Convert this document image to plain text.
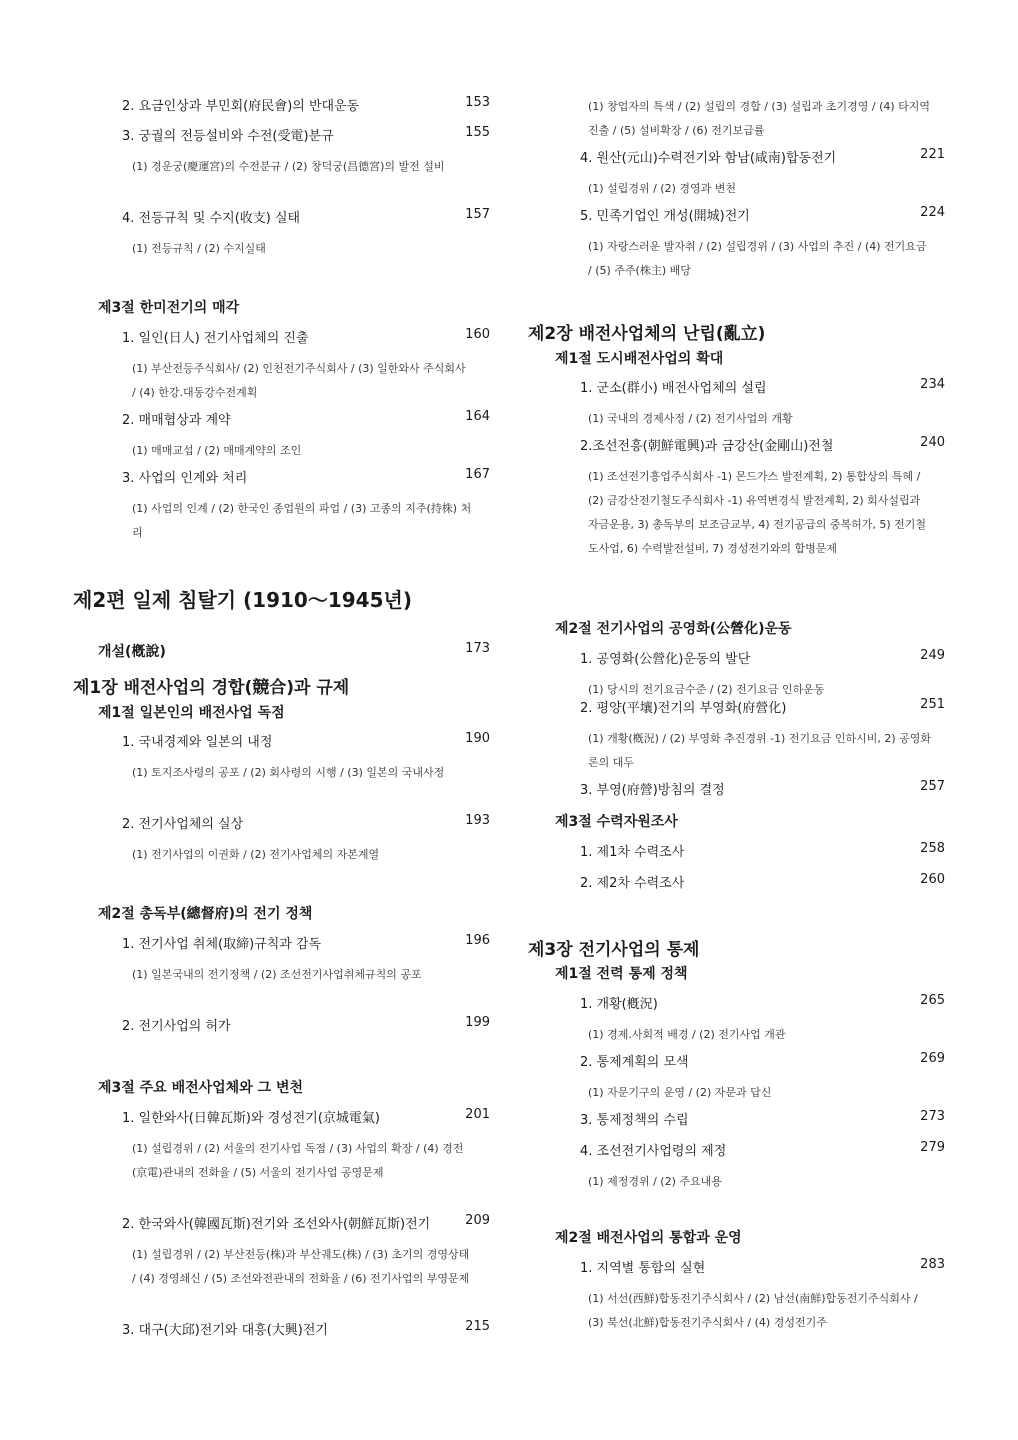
2. 요금인상과 부민회(府民會)의 반대운동	153
3. 궁궐의 전등설비와 수전(受電)분규	155
(1) 경운궁(慶運宮)의 수전분규 / (2) 창덕궁(昌德宮)의 발전 설비
4. 전등규칙 및 수지(收支) 실태	157
(1) 전등규칙 / (2) 수지실태
제3절 한미전기의 매각
1. 일인(日人) 전기사업체의 진출	160
(1) 부산전등주식회사/ (2) 인천전기주식회사 / (3) 일한와사 주식회사 / (4) 한강.대동강수전계획
2. 매매협상과 계약	164
(1) 매매교섭 / (2) 매매계약의 조인
3. 사업의 인계와 처리	167
(1) 사업의 인계 / (2) 한국인 종업원의 파업 / (3) 고종의 지주(持株) 처리
제2편 일제 침탈기 (1910～1945년)
개설(槪說)	173
제1장 배전사업의 경합(競合)과 규제
제1절 일본인의 배전사업 독점
1. 국내경제와 일본의 내정	190
(1) 토지조사령의 공포 / (2) 회사령의 시행 / (3) 일본의 국내사정
2. 전기사업체의 실상	193
(1) 전기사업의 이권화 / (2) 전기사업체의 자본계열
제2절 총독부(總督府)의 전기 정책
1. 전기사업 취체(取締)규칙과 감독	196
(1) 일본국내의 전기정책 / (2) 조선전기사업취체규칙의 공포
2. 전기사업의 허가	199
제3절 주요 배전사업체와 그 변천
1. 일한와사(日韓瓦斯)와 경성전기(京城電氣)	201
(1) 설립경위 / (2) 서울의 전기사업 독점 / (3) 사업의 확장 / (4) 경전(京電)관내의 전화율 / (5) 서울의 전기사업 공영문제
2. 한국와사(韓國瓦斯)전기와 조선와사(朝鮮瓦斯)전기	209
(1) 설립경위 / (2) 부산전등(株)과 부산궤도(株) / (3) 초기의 경영상태 / (4) 경영쇄신 / (5) 조선와전관내의 전화율 / (6) 전기사업의 부영문제
3. 대구(大邱)전기와 대흥(大興)전기	215
(1) 창업자의 특색 / (2) 설립의 경합 / (3) 설립과 초기경영 / (4) 타지역 진출 / (5) 설비확장 / (6) 전기보급률
4. 원산(元山)수력전기와 함남(咸南)합동전기	221
(1) 설립경위 / (2) 경영과 변천
5. 민족기업인 개성(開城)전기	224
(1) 자랑스러운 발자취 / (2) 설립경위 / (3) 사업의 추진 / (4) 전기요금 / (5) 주주(株主) 배당
제2장 배전사업체의 난립(亂立)
제1절 도시배전사업의 확대
1. 군소(群小) 배전사업체의 설립	234
(1) 국내의 경제사정 / (2) 전기사업의 개황
2.조선전흥(朝鮮電興)과 금강산(金剛山)전철	240
(1) 조선전기흥업주식회사 -1) 몬드가스 발전계획, 2) 통합상의 특혜 / (2) 금강산전기철도주식회사 -1) 유역변경식 발전계획, 2) 회사설립과 자금운용, 3) 총독부의 보조금교부, 4) 전기공급의 중복허가, 5) 전기철도사업, 6) 수력발전설비, 7) 경성전기와의 합병문제
제2절 전기사업의 공영화(公營化)운동
1. 공영화(公營化)운동의 발단	249
(1) 당시의 전기요금수준 / (2) 전기요금 인하운동
2. 평양(平壤)전기의 부영화(府營化)	251
(1) 개황(槪況) / (2) 부영화 추진경위 -1) 전기요금 인하시비, 2) 공영화론의 대두
3. 부영(府營)방침의 결정	257
제3절 수력자원조사
1. 제1차 수력조사	258
2. 제2차 수력조사	260
제3장 전기사업의 통제
제1절 전력 통제 정책
1. 개황(槪況)	265
(1) 경제.사회적 배경 / (2) 전기사업 개관
2. 통제계획의 모색	269
(1) 자문기구의 운영 / (2) 자문과 답신
3. 통제정책의 수립	273
4. 조선전기사업령의 제정	279
(1) 제정경위 / (2) 주요내용
제2절 배전사업의 통합과 운영
1. 지역별 통합의 실현	283
(1) 서선(西鮮)합동전기주식회사 / (2) 남선(南鮮)합동전기주식회사 / (3) 북선(北鮮)합동전기주식회사 / (4) 경성전기주
